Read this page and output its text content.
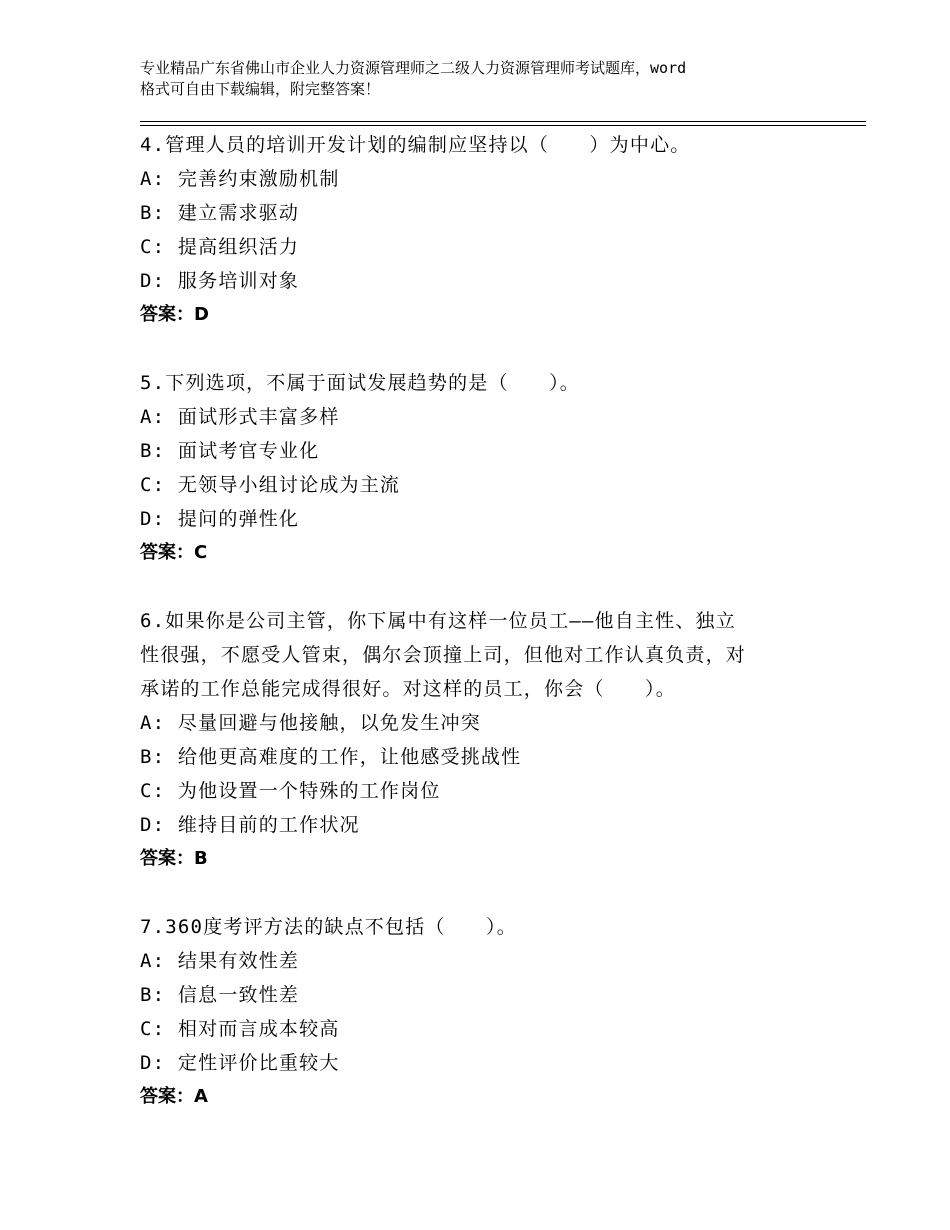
专业精品广东省佛山市企业人力资源管理师之二级人力资源管理师考试题库，word
格式可自由下载编辑，附完整答案！

4.管理人员的培训开发计划的编制应坚持以（　　）为中心。

A: 完善约束激励机制

B: 建立需求驱动

C: 提高组织活力

D: 服务培训对象

答案：D

5.下列选项，不属于面试发展趋势的是（　　）。

A: 面试形式丰富多样

B: 面试考官专业化

C: 无领导小组讨论成为主流

D: 提问的弹性化

答案：C

6.如果你是公司主管，你下属中有这样一位员工——他自主性、独立

性很强，不愿受人管束，偶尔会顶撞上司，但他对工作认真负责，对

承诺的工作总能完成得很好。对这样的员工，你会（　　）。

A: 尽量回避与他接触，以免发生冲突

B: 给他更高难度的工作，让他感受挑战性

C: 为他设置一个特殊的工作岗位

D: 维持目前的工作状况

答案：B

7.360度考评方法的缺点不包括（　　）。

A: 结果有效性差

B: 信息一致性差

C: 相对而言成本较高

D: 定性评价比重较大

答案：A
